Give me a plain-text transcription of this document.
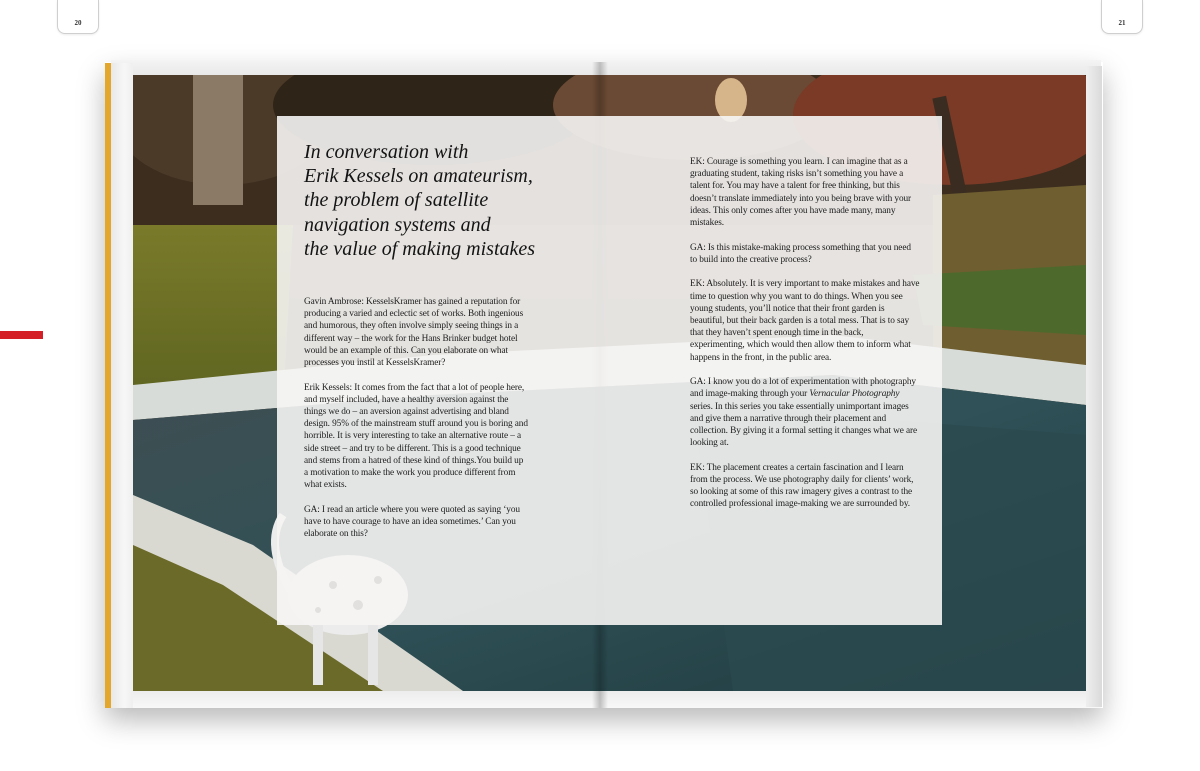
20	21
In conversation with
Erik Kessels on amateurism,
the problem of satellite
navigation systems and
the value of making mistakes

Gavin Ambrose: KesselsKramer has gained a reputation for producing a varied and eclectic set of works. Both ingenious and humorous, they often involve simply seeing things in a different way – the work for the Hans Brinker budget hotel would be an example of this. Can you elaborate on what processes you instil at KesselsKramer?

Erik Kessels: It comes from the fact that a lot of people here, and myself included, have a healthy aversion against the things we do – an aversion against advertising and bland design. 95% of the mainstream stuff around you is boring and horrible. It is very interesting to take an alternative route – a side street – and try to be different. This is a good technique and stems from a hatred of these kind of things.You build up a motivation to make the work you produce different from what exists.

GA: I read an article where you were quoted as saying ‘you have to have courage to have an idea sometimes.’ Can you elaborate on this?

EK: Courage is something you learn. I can imagine that as a graduating student, taking risks isn’t something you have a talent for. You may have a talent for free thinking, but this doesn’t translate immediately into you being brave with your ideas. This only comes after you have made many, many mistakes.

GA: Is this mistake-making process something that you need to build into the creative process?

EK: Absolutely. It is very important to make mistakes and have time to question why you want to do things. When you see young students, you’ll notice that their front garden is beautiful, but their back garden is a total mess. That is to say that they haven’t spent enough time in the back, experimenting, which would then allow them to inform what happens in the front, in the public area.

GA: I know you do a lot of experimentation with photography and image-making through your Vernacular Photography series. In this series you take essentially unimportant images and give them a narrative through their placement and collection. By giving it a formal setting it changes what we are looking at.

EK: The placement creates a certain fascination and I learn from the process. We use photography daily for clients’ work, so looking at some of this raw imagery gives a contrast to the controlled professional image-making we are surrounded by.
